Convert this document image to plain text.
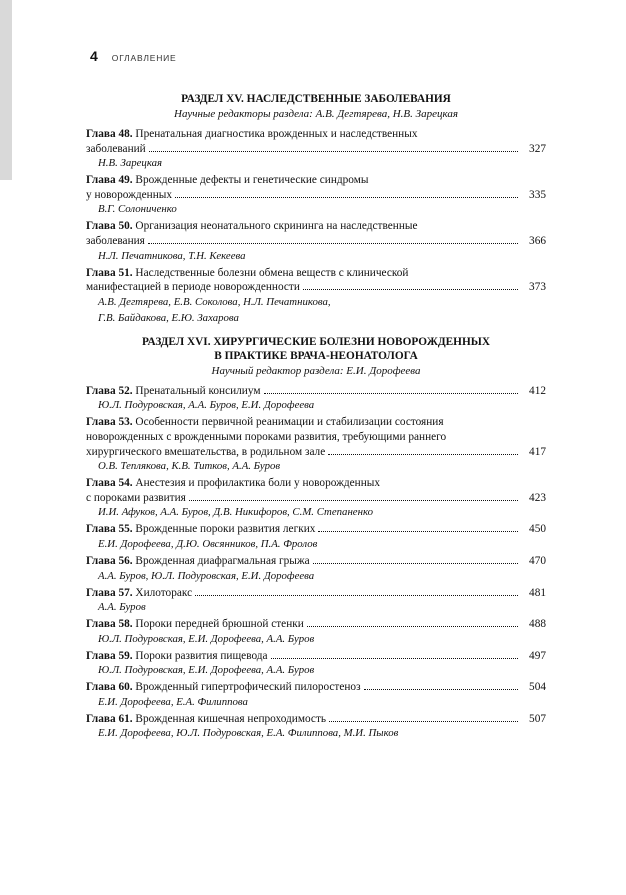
4 ОГЛАВЛЕНИЕ
РАЗДЕЛ XV. НАСЛЕДСТВЕННЫЕ ЗАБОЛЕВАНИЯ
Научные редакторы раздела: А.В. Дегтярева, Н.В. Зарецкая
Глава 48. Пренатальная диагностика врожденных и наследственных
заболеваний	327
Н.В. Зарецкая
Глава 49. Врожденные дефекты и генетические синдромы
у новорожденных	335
В.Г. Солониченко
Глава 50. Организация неонатального скрининга на наследственные
заболевания	366
Н.Л. Печатникова, Т.Н. Кекеева
Глава 51. Наследственные болезни обмена веществ с клинической
манифестацией в периоде новорожденности	373
А.В. Дегтярева, Е.В. Соколова, Н.Л. Печатникова,
Г.В. Байдакова, Е.Ю. Захарова
РАЗДЕЛ XVI. ХИРУРГИЧЕСКИЕ БОЛЕЗНИ НОВОРОЖДЕННЫХ
В ПРАКТИКЕ ВРАЧА-НЕОНАТОЛОГА
Научный редактор раздела: Е.И. Дорофеева
Глава 52. Пренатальный консилиум	412
Ю.Л. Подуровская, А.А. Буров, Е.И. Дорофеева
Глава 53. Особенности первичной реанимации и стабилизации состояния
новорожденных с врожденными пороками развития, требующими раннего
хирургического вмешательства, в родильном зале	417
О.В. Теплякова, К.В. Титков, А.А. Буров
Глава 54. Анестезия и профилактика боли у новорожденных
с пороками развития	423
И.И. Афуков, А.А. Буров, Д.В. Никифоров, С.М. Степаненко
Глава 55. Врожденные пороки развития легких	450
Е.И. Дорофеева, Д.Ю. Овсянников, П.А. Фролов
Глава 56. Врожденная диафрагмальная грыжа	470
А.А. Буров, Ю.Л. Подуровская, Е.И. Дорофеева
Глава 57. Хилоторакс	481
А.А. Буров
Глава 58. Пороки передней брюшной стенки	488
Ю.Л. Подуровская, Е.И. Дорофеева, А.А. Буров
Глава 59. Пороки развития пищевода	497
Ю.Л. Подуровская, Е.И. Дорофеева, А.А. Буров
Глава 60. Врожденный гипертрофический пилоростеноз	504
Е.И. Дорофеева, Е.А. Филиппова
Глава 61. Врожденная кишечная непроходимость	507
Е.И. Дорофеева, Ю.Л. Подуровская, Е.А. Филиппова, М.И. Пыков
